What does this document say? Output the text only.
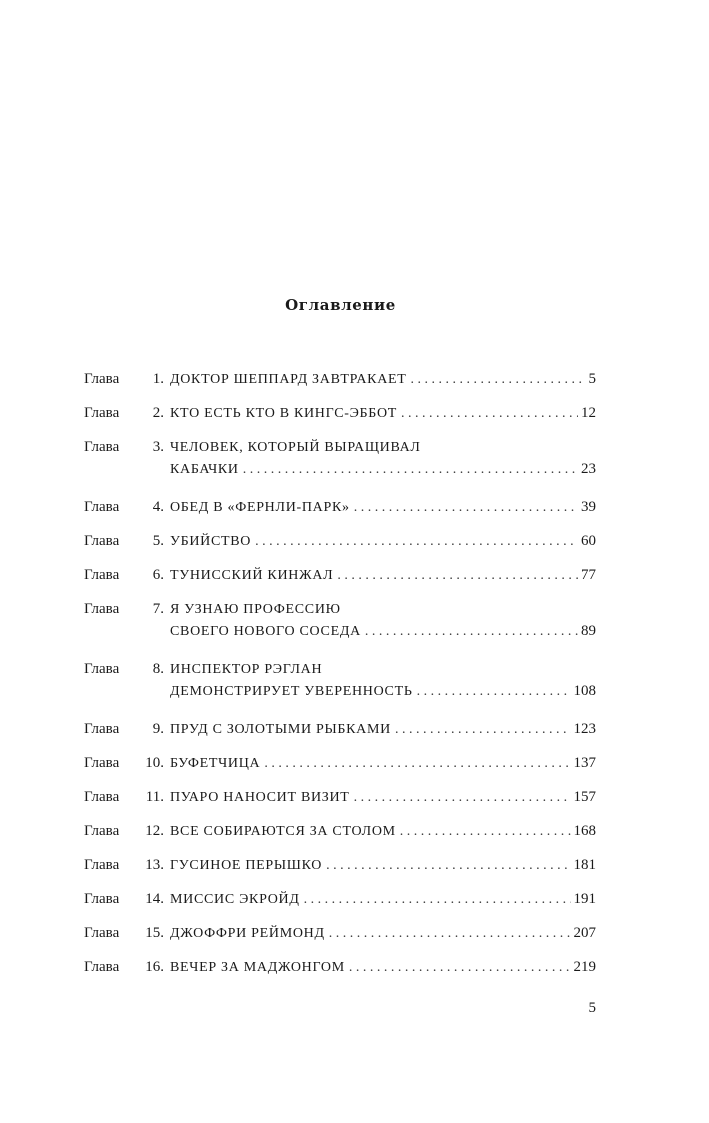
Оглавление
Глава	1. ДОКТОР ШЕППАРД ЗАВТРАКАЕТ . . .	5
Глава	2. КТО ЕСТЬ КТО В КИНГС-ЭББОТ . . .	12
Глава	3. ЧЕЛОВЕК, КОТОРЫЙ ВЫРАЩИВАЛ
КАБАЧКИ . . .	23
Глава	4. ОБЕД В «ФЕРНЛИ-ПАРК» . . .	39
Глава	5. УБИЙСТВО . . .	60
Глава	6. ТУНИССКИЙ КИНЖАЛ . . .	77
Глава	7. Я УЗНАЮ ПРОФЕССИЮ
СВОЕГО НОВОГО СОСЕДА . . .	89
Глава	8. ИНСПЕКТОР РЭГЛАН
ДЕМОНСТРИРУЕТ УВЕРЕННОСТЬ . . .	108
Глава	9. ПРУД С ЗОЛОТЫМИ РЫБКАМИ . . .	123
Глава	10. БУФЕТЧИЦА . . .	137
Глава	11. ПУАРО НАНОСИТ ВИЗИТ . . .	157
Глава	12. ВСЕ СОБИРАЮТСЯ ЗА СТОЛОМ . . .	168
Глава	13. ГУСИНОЕ ПЕРЫШКО . . .	181
Глава	14. МИССИС ЭКРОЙД . . .	191
Глава	15. ДЖОФФРИ РЕЙМОНД . . .	207
Глава	16. ВЕЧЕР ЗА МАДЖОНГОМ . . .	219
5
